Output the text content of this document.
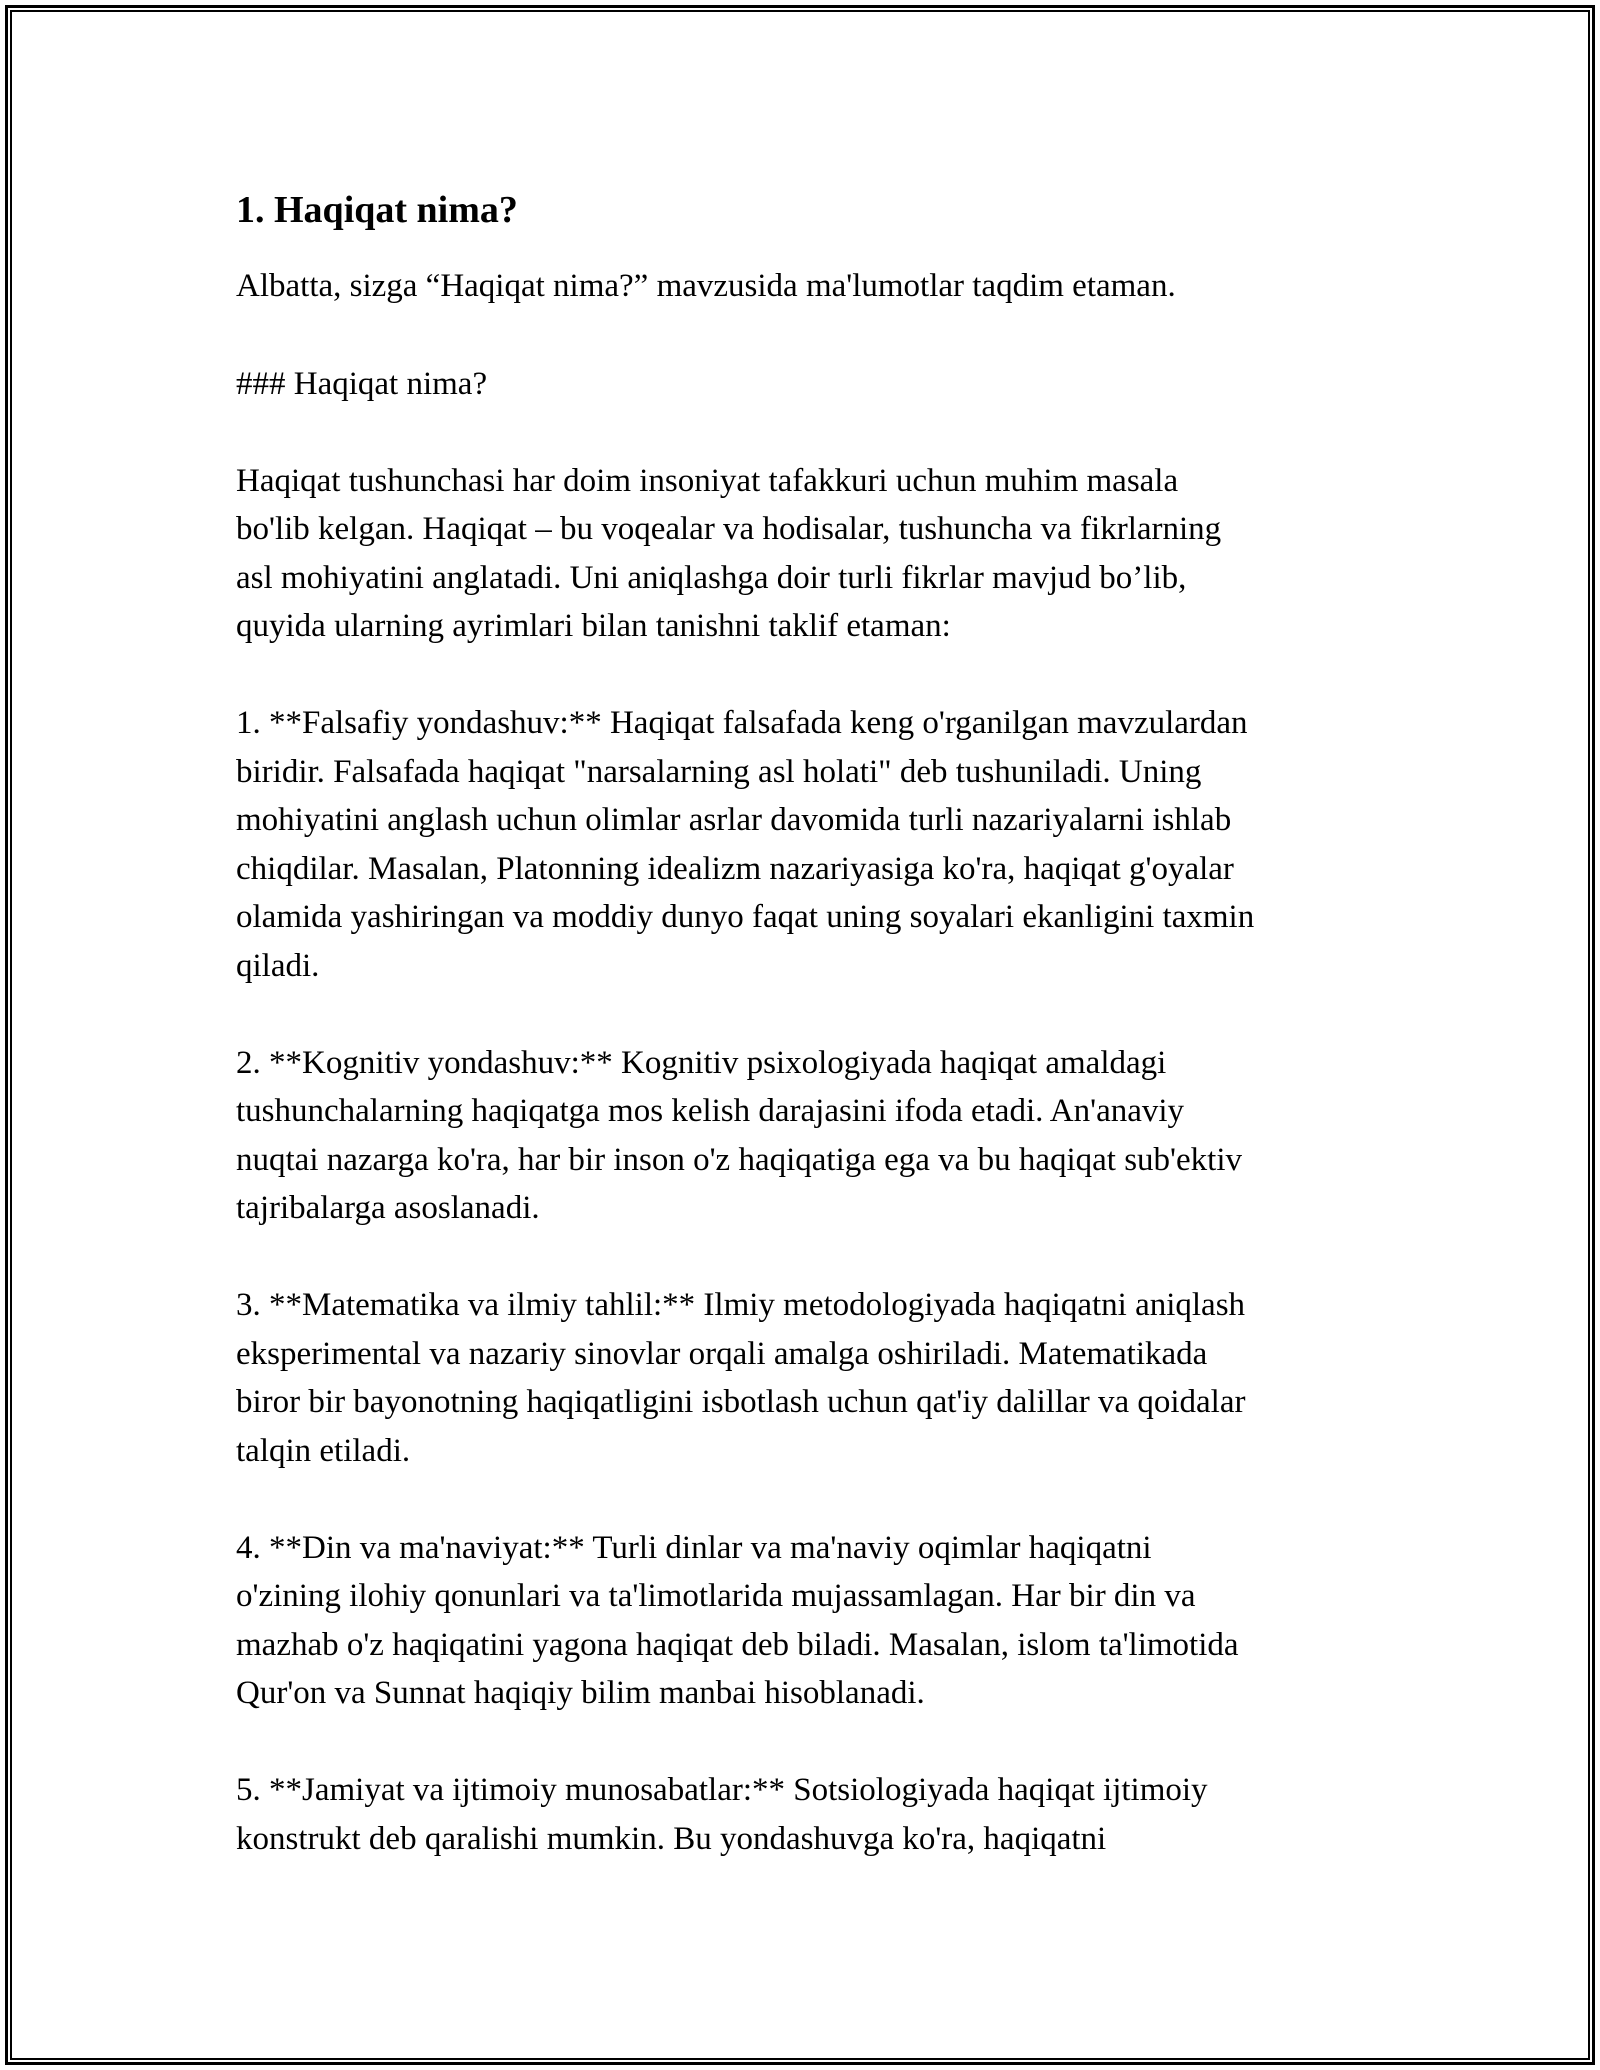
1. Haqiqat nima?
Albatta, sizga “Haqiqat nima?” mavzusida ma'lumotlar taqdim etaman.
### Haqiqat nima?
Haqiqat tushunchasi har doim insoniyat tafakkuri uchun muhim masala
bo'lib kelgan. Haqiqat – bu voqealar va hodisalar, tushuncha va fikrlarning
asl mohiyatini anglatadi. Uni aniqlashga doir turli fikrlar mavjud bo’lib,
quyida ularning ayrimlari bilan tanishni taklif etaman:
1. **Falsafiy yondashuv:** Haqiqat falsafada keng o'rganilgan mavzulardan
biridir. Falsafada haqiqat "narsalarning asl holati" deb tushuniladi. Uning
mohiyatini anglash uchun olimlar asrlar davomida turli nazariyalarni ishlab
chiqdilar. Masalan, Platonning idealizm nazariyasiga ko'ra, haqiqat g'oyalar
olamida yashiringan va moddiy dunyo faqat uning soyalari ekanligini taxmin
qiladi.
2. **Kognitiv yondashuv:** Kognitiv psixologiyada haqiqat amaldagi
tushunchalarning haqiqatga mos kelish darajasini ifoda etadi. An'anaviy
nuqtai nazarga ko'ra, har bir inson o'z haqiqatiga ega va bu haqiqat sub'ektiv
tajribalarga asoslanadi.
3. **Matematika va ilmiy tahlil:** Ilmiy metodologiyada haqiqatni aniqlash
eksperimental va nazariy sinovlar orqali amalga oshiriladi. Matematikada
biror bir bayonotning haqiqatligini isbotlash uchun qat'iy dalillar va qoidalar
talqin etiladi.
4. **Din va ma'naviyat:** Turli dinlar va ma'naviy oqimlar haqiqatni
o'zining ilohiy qonunlari va ta'limotlarida mujassamlagan. Har bir din va
mazhab o'z haqiqatini yagona haqiqat deb biladi. Masalan, islom ta'limotida
Qur'on va Sunnat haqiqiy bilim manbai hisoblanadi.
5. **Jamiyat va ijtimoiy munosabatlar:** Sotsiologiyada haqiqat ijtimoiy
konstrukt deb qaralishi mumkin. Bu yondashuvga ko'ra, haqiqatni
